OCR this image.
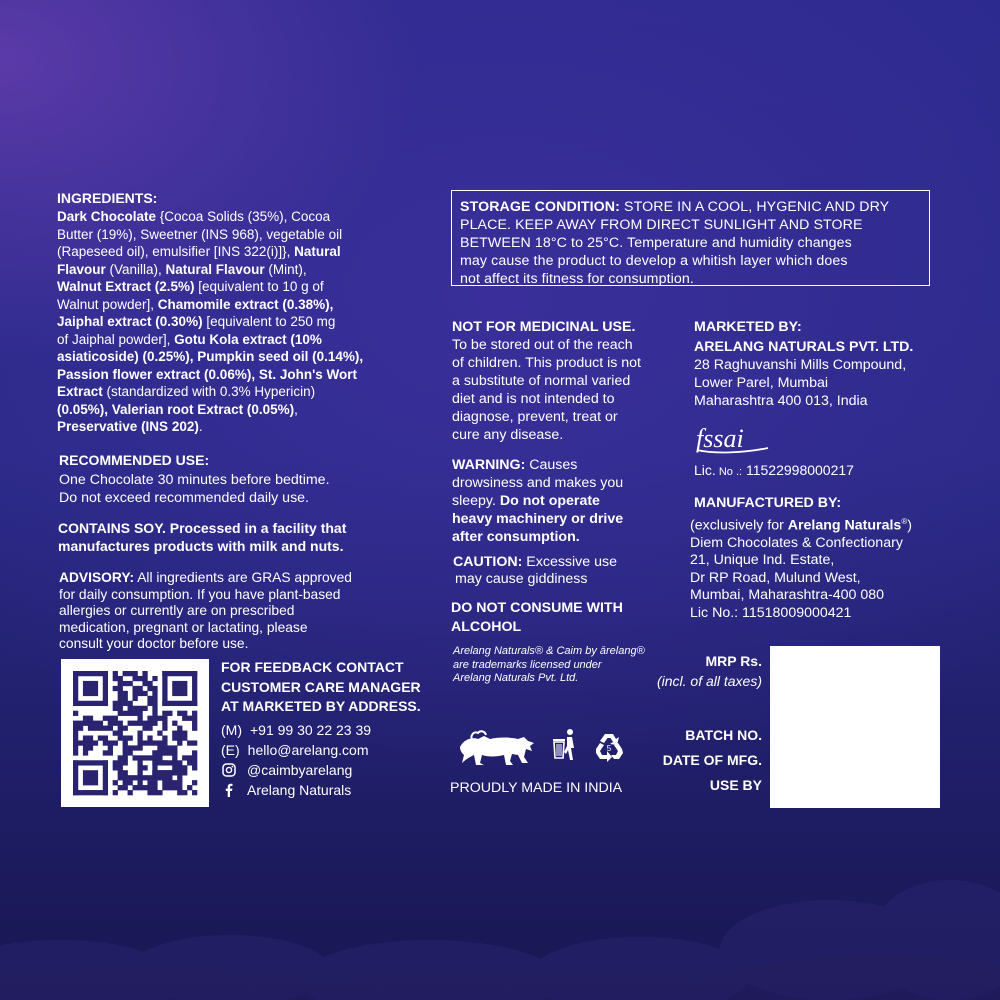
INGREDIENTS:
Dark Chocolate {Cocoa Solids (35%), Cocoa
Butter (19%), Sweetner (INS 968), vegetable oil
(Rapeseed oil), emulsifier [INS 322(i)]}, Natural
Flavour (Vanilla), Natural Flavour (Mint),
Walnut Extract (2.5%) [equivalent to 10 g of
Walnut powder], Chamomile extract (0.38%),
Jaiphal extract (0.30%) [equivalent to 250 mg
of Jaiphal powder], Gotu Kola extract (10%
asiaticoside) (0.25%), Pumpkin seed oil (0.14%),
Passion flower extract (0.06%), St. John's Wort
Extract (standardized with 0.3% Hypericin)
(0.05%), Valerian root Extract (0.05%),
Preservative (INS 202).
RECOMMENDED USE:
One Chocolate 30 minutes before bedtime.
Do not exceed recommended daily use.
CONTAINS SOY. Processed in a facility that
manufactures products with milk and nuts.
ADVISORY: All ingredients are GRAS approved
for daily consumption. If you have plant-based
allergies or currently are on prescribed
medication, pregnant or lactating, please
consult your doctor before use.
FOR FEEDBACK CONTACT
CUSTOMER CARE MANAGER
AT MARKETED BY ADDRESS.
(M) +91 99 30 22 23 39
(E) hello@arelang.com
@caimbyarelang
Arelang Naturals
STORAGE CONDITION: STORE IN A COOL, HYGENIC AND DRY
PLACE. KEEP AWAY FROM DIRECT SUNLIGHT AND STORE
BETWEEN 18°C to 25°C. Temperature and humidity changes
may cause the product to develop a whitish layer which does
not affect its fitness for consumption.
NOT FOR MEDICINAL USE.
To be stored out of the reach
of children. This product is not
a substitute of normal varied
diet and is not intended to
diagnose, prevent, treat or
cure any disease.
WARNING: Causes
drowsiness and makes you
sleepy. Do not operate
heavy machinery or drive
after consumption.
CAUTION: Excessive use
may cause giddiness
DO NOT CONSUME WITH
ALCOHOL
Arelang Naturals® & Caim by ārelang®
are trademarks licensed under
Arelang Naturals Pvt. Ltd.
5
PROUDLY MADE IN INDIA
MARKETED BY:
ARELANG NATURALS PVT. LTD.
28 Raghuvanshi Mills Compound,
Lower Parel, Mumbai
Maharashtra 400 013, India
fssai
Lic. No .: 11522998000217
MANUFACTURED BY:
(exclusively for Arelang Naturals®)
Diem Chocolates & Confectionary
21, Unique Ind. Estate,
Dr RP Road, Mulund West,
Mumbai, Maharashtra-400 080
Lic No.: 11518009000421
MRP Rs.
(incl. of all taxes)
BATCH NO.
DATE OF MFG.
USE BY
